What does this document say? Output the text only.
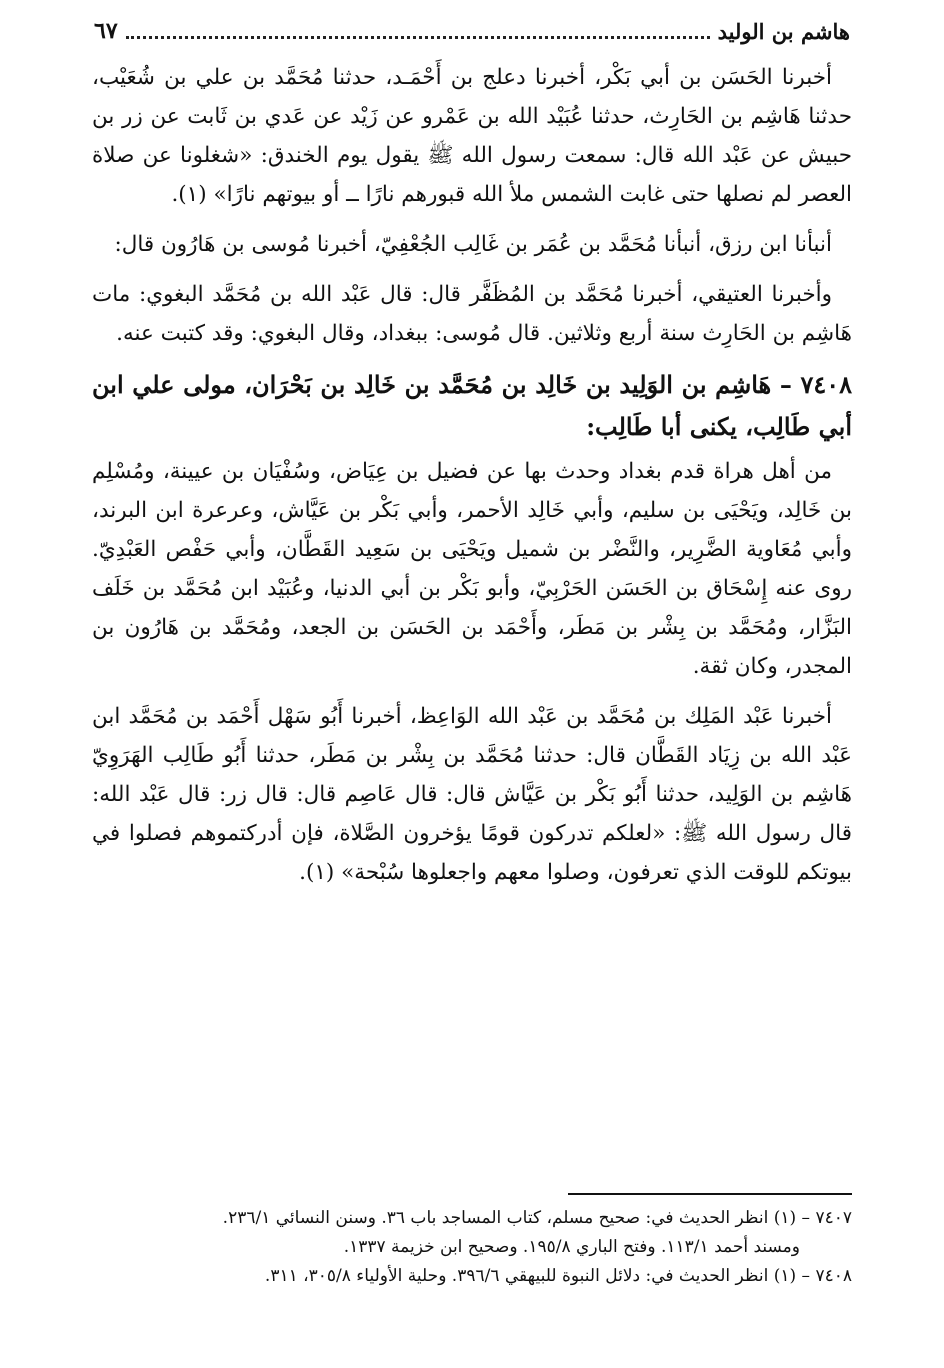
هاشم بن الوليد
٦٧

أخبرنا الحَسَن بن أبي بَكْر، أخبرنا دعلج بن أَحْمَـد، حدثنا مُحَمَّد بن علي بن شُعَيْب، حدثنا هَاشِم بن الحَارِث، حدثنا عُبَيْد الله بن عَمْرو عن زَيْد عن عَدي بن ثَابت عن زر بن حبيش عن عَبْد الله قال: سمعت رسول الله ﷺ يقول يوم الخندق: «شغلونا عن صلاة العصر لم نصلها حتى غابت الشمس ملأ الله قبورهم نارًا ــ أو بيوتهم نارًا» (١).

أنبأنا ابن رزق، أنبأنا مُحَمَّد بن عُمَر بن غَالِب الجُعْفِيّ، أخبرنا مُوسى بن هَارُون قال:

وأخبرنا العتيقي، أخبرنا مُحَمَّد بن المُظَفَّر قال: قال عَبْد الله بن مُحَمَّد البغوي: مات هَاشِم بن الحَارِث سنة أربع وثلاثين. قال مُوسى: ببغداد، وقال البغوي: وقد كتبت عنه.

٧٤٠٨ – هَاشِم بن الوَلِيد بن خَالِد بن مُحَمَّد بن خَالِد بن بَحْرَان، مولى علي ابن أبي طَالِب، يكنى أبا طَالِب:

من أهل هراة قدم بغداد وحدث بها عن فضيل بن عِيَاض، وسُفْيَان بن عيينة، ومُسْلِم بن خَالِد، ويَحْيَى بن سليم، وأبي خَالِد الأحمر، وأبي بَكْر بن عَيَّاش، وعرعرة ابن البرند، وأبي مُعَاوية الضَّرِير، والنَّضْر بن شميل ويَحْيَى بن سَعِيد القَطَّان، وأبي حَفْص العَبْدِيّ. روى عنه إِسْحَاق بن الحَسَن الحَرْبِيّ، وأبو بَكْر بن أبي الدنيا، وعُبَيْد ابن مُحَمَّد بن خَلَف البَزَّار، ومُحَمَّد بن بِشْر بن مَطَر، وأَحْمَد بن الحَسَن بن الجعد، ومُحَمَّد بن هَارُون بن المجدر، وكان ثقة.

أخبرنا عَبْد المَلِك بن مُحَمَّد بن عَبْد الله الوَاعِظ، أخبرنا أَبُو سَهْل أَحْمَد بن مُحَمَّد ابن عَبْد الله بن زِيَاد القَطَّان قال: حدثنا مُحَمَّد بن بِشْر بن مَطَر، حدثنا أَبُو طَالِب الهَرَوِيّ هَاشِم بن الوَلِيد، حدثنا أَبُو بَكْر بن عَيَّاش قال: قال عَاصِم قال: قال زر: قال عَبْد الله: قال رسول الله ﷺ: «لعلكم تدركون قومًا يؤخرون الصَّلاة، فإن أدركتموهم فصلوا في بيوتكم للوقت الذي تعرفون، وصلوا معهم واجعلوها سُبْحة» (١).

٧٤٠٧ – (١) انظر الحديث في: صحيح مسلم، كتاب المساجد باب ٣٦. وسنن النسائي ٢٣٦/١.

ومسند أحمد ١١٣/١. وفتح الباري ١٩٥/٨. وصحيح ابن خزيمة ١٣٣٧.

٧٤٠٨ – (١) انظر الحديث في: دلائل النبوة للبيهقي ٣٩٦/٦. وحلية الأولياء ٣٠٥/٨، ٣١١.
